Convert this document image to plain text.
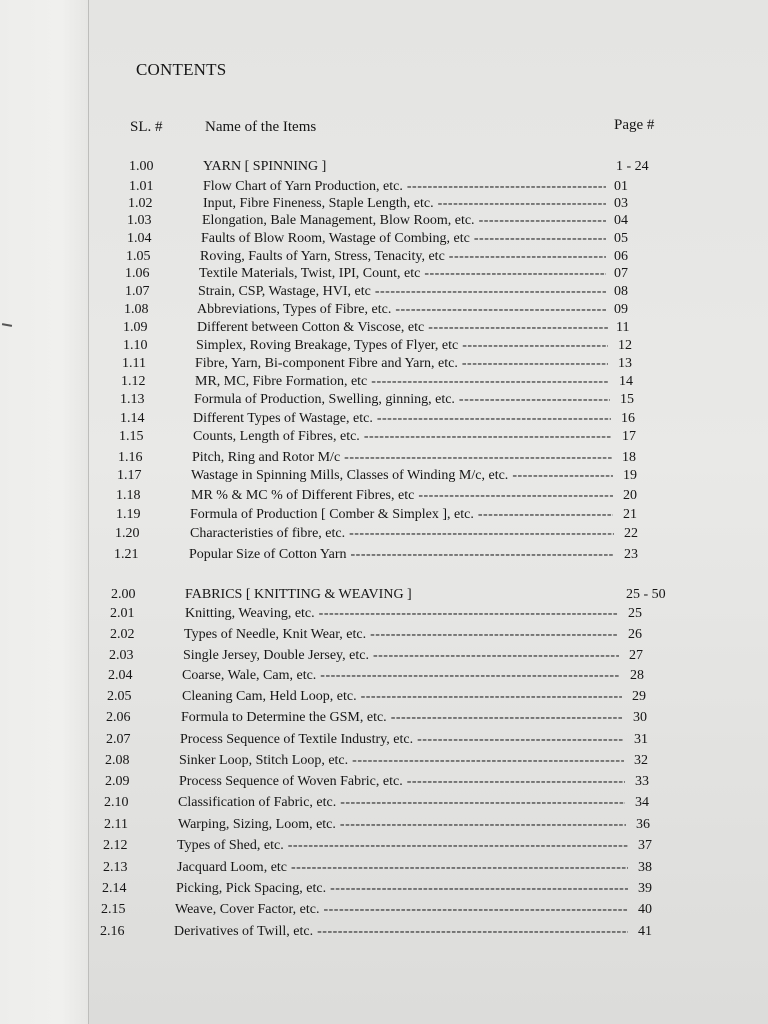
CONTENTS
SL. #	Name of the Items	Page #
1.00	YARN [ SPINNING ]	1 - 24
1.01	Flow Chart of Yarn Production, etc. -----	01
1.02	Input, Fibre Fineness, Staple Length, etc. -----	03
1.03	Elongation, Bale Management, Blow Room, etc. -----	04
1.04	Faults of Blow Room, Wastage of Combing, etc -----	05
1.05	Roving, Faults of Yarn, Stress, Tenacity, etc -----	06
1.06	Textile Materials, Twist, IPI, Count, etc -----	07
1.07	Strain, CSP, Wastage, HVI, etc -----	08
1.08	Abbreviations, Types of Fibre, etc. -----	09
1.09	Different between Cotton & Viscose, etc -----	11
1.10	Simplex, Roving Breakage, Types of Flyer, etc -----	12
1.11	Fibre, Yarn, Bi-component Fibre and Yarn, etc. -----	13
1.12	MR, MC, Fibre Formation, etc -----	14
1.13	Formula of Production, Swelling, ginning, etc. -----	15
1.14	Different Types of Wastage, etc. -----	16
1.15	Counts, Length of Fibres, etc. -----	17
1.16	Pitch, Ring and Rotor M/c -----	18
1.17	Wastage in Spinning Mills, Classes of Winding M/c, etc. -----	19
1.18	MR % & MC % of Different Fibres, etc -----	20
1.19	Formula of Production [ Comber & Simplex ], etc. -----	21
1.20	Characteristies of fibre, etc. -----	22
1.21	Popular Size of Cotton Yarn -----	23
2.00	FABRICS [ KNITTING & WEAVING ]	25 - 50
2.01	Knitting, Weaving, etc. -----	25
2.02	Types of Needle, Knit Wear, etc. -----	26
2.03	Single Jersey, Double Jersey, etc. -----	27
2.04	Coarse, Wale, Cam, etc. -----	28
2.05	Cleaning Cam, Held Loop, etc. -----	29
2.06	Formula to Determine the GSM, etc. -----	30
2.07	Process Sequence of Textile Industry, etc. -----	31
2.08	Sinker Loop, Stitch Loop, etc. -----	32
2.09	Process Sequence of Woven Fabric, etc. -----	33
2.10	Classification of Fabric, etc. -----	34
2.11	Warping, Sizing, Loom, etc. -----	36
2.12	Types of Shed, etc. -----	37
2.13	Jacquard Loom, etc -----	38
2.14	Picking, Pick Spacing, etc. -----	39
2.15	Weave, Cover Factor, etc. -----	40
2.16	Derivatives of Twill, etc. -----	41
